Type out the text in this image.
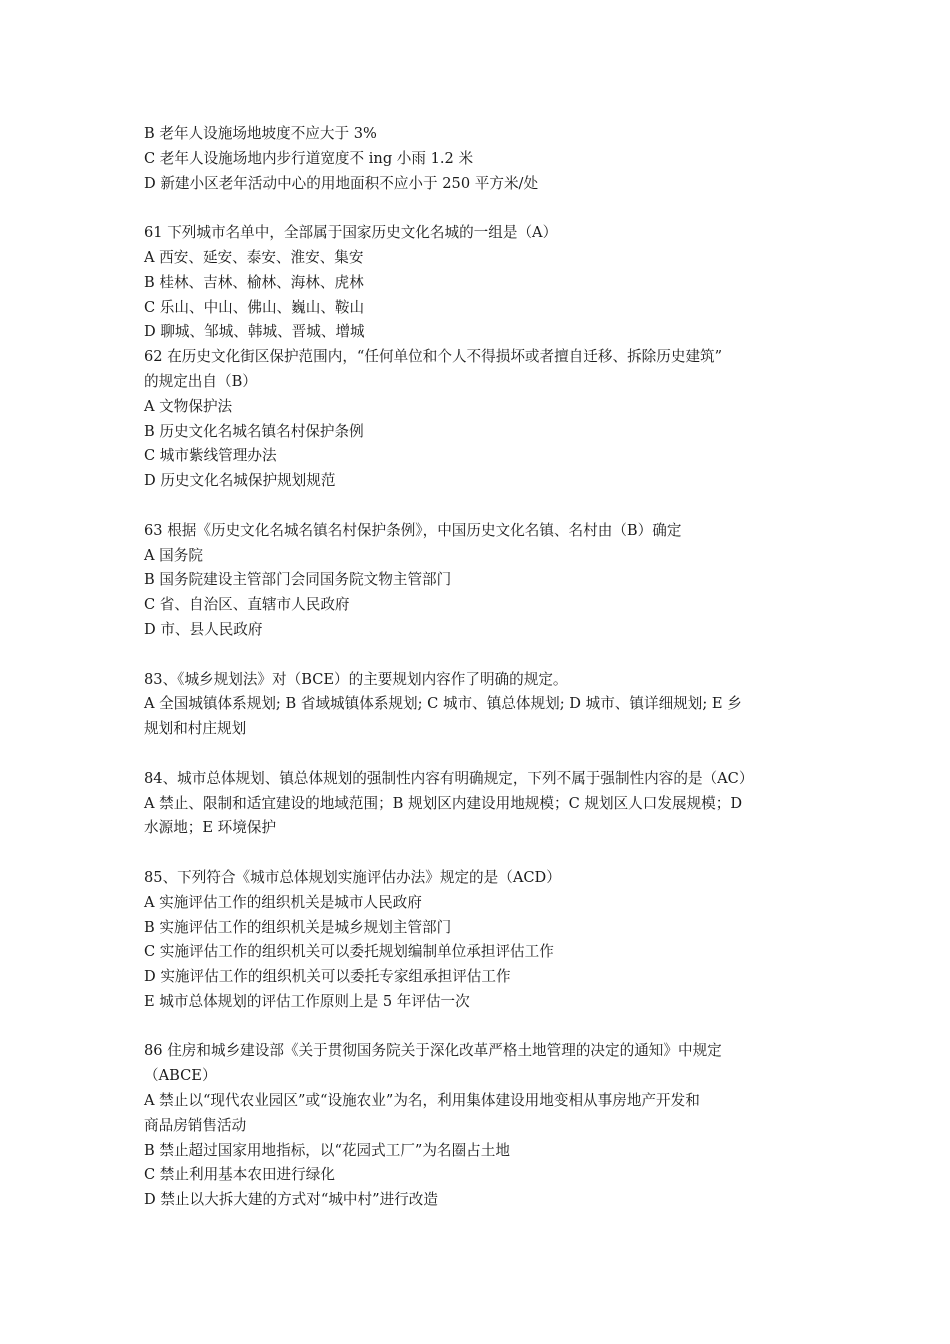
B 老年人设施场地坡度不应大于 3%
C 老年人设施场地内步行道宽度不 ing 小雨 1.2 米
D 新建小区老年活动中心的用地面积不应小于 250 平方米/处
61 下列城市名单中，全部属于国家历史文化名城的一组是（A）
A 西安、延安、泰安、淮安、集安
B 桂林、吉林、榆林、海林、虎林
C 乐山、中山、佛山、巍山、鞍山
D 聊城、邹城、韩城、晋城、增城
62 在历史文化街区保护范围内，“任何单位和个人不得损坏或者擅自迁移、拆除历史建筑”
的规定出自（B）
A 文物保护法
B 历史文化名城名镇名村保护条例
C 城市紫线管理办法
D 历史文化名城保护规划规范
63 根据《历史文化名城名镇名村保护条例》，中国历史文化名镇、名村由（B）确定
A 国务院
B 国务院建设主管部门会同国务院文物主管部门
C 省、自治区、直辖市人民政府
D 市、县人民政府
83、《城乡规划法》对（BCE）的主要规划内容作了明确的规定。
A 全国城镇体系规划; B 省域城镇体系规划; C 城市、镇总体规划; D 城市、镇详细规划; E 乡
规划和村庄规划
84、城市总体规划、镇总体规划的强制性内容有明确规定，下列不属于强制性内容的是（AC）
A 禁止、限制和适宜建设的地域范围；B 规划区内建设用地规模；C 规划区人口发展规模；D
水源地；E 环境保护
85、下列符合《城市总体规划实施评估办法》规定的是（ACD）
A 实施评估工作的组织机关是城市人民政府
B 实施评估工作的组织机关是城乡规划主管部门
C 实施评估工作的组织机关可以委托规划编制单位承担评估工作
D 实施评估工作的组织机关可以委托专家组承担评估工作
E 城市总体规划的评估工作原则上是 5 年评估一次
86 住房和城乡建设部《关于贯彻国务院关于深化改革严格土地管理的决定的通知》中规定
（ABCE）
A 禁止以“现代农业园区”或“设施农业”为名，利用集体建设用地变相从事房地产开发和
商品房销售活动
B 禁止超过国家用地指标，以“花园式工厂”为名圈占土地
C 禁止利用基本农田进行绿化
D 禁止以大拆大建的方式对“城中村”进行改造
